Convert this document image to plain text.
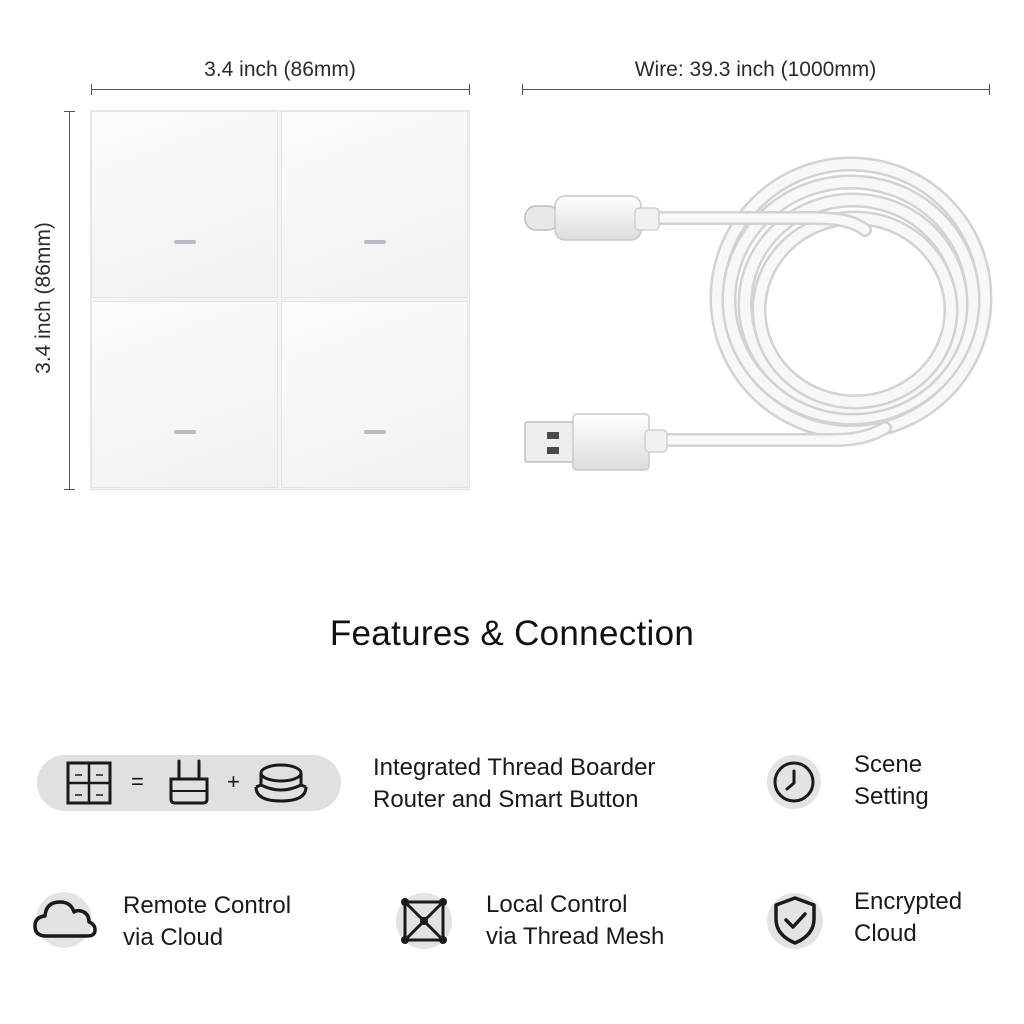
3.4 inch (86mm)
3.4 inch (86mm)
Wire: 39.3 inch (1000mm)
Features & Connection
=	+
Integrated Thread Boarder
Router and Smart Button
Scene
Setting
Remote Control
via Cloud
Local Control
via Thread Mesh
Encrypted
Cloud
